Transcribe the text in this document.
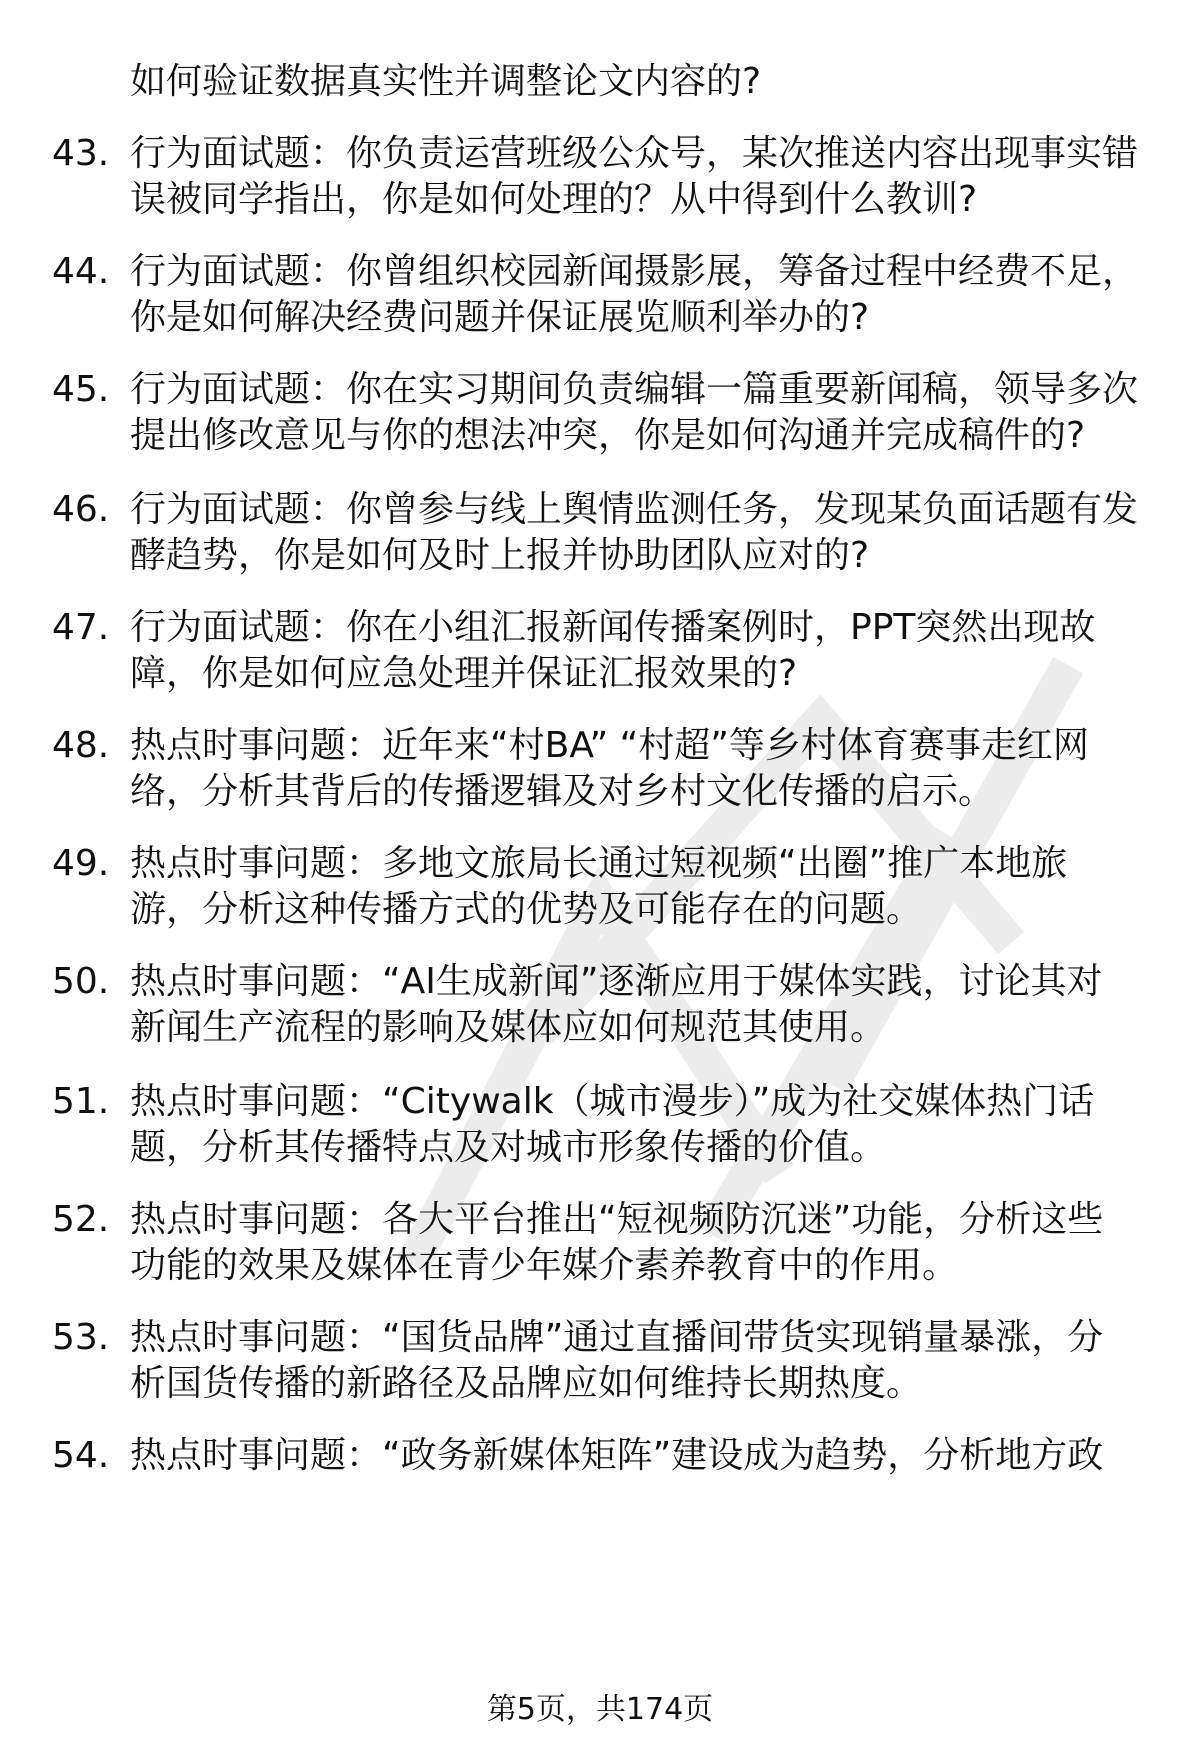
如何验证数据真实性并调整论文内容的?
43. 行为面试题：你负责运营班级公众号，某次推送内容出现事实错
误被同学指出，你是如何处理的？从中得到什么教训?
44. 行为面试题：你曾组织校园新闻摄影展，筹备过程中经费不足，
你是如何解决经费问题并保证展览顺利举办的?
45. 行为面试题：你在实习期间负责编辑一篇重要新闻稿，领导多次
提出修改意见与你的想法冲突，你是如何沟通并完成稿件的?
46. 行为面试题：你曾参与线上舆情监测任务，发现某负面话题有发
酵趋势，你是如何及时上报并协助团队应对的?
47. 行为面试题：你在小组汇报新闻传播案例时，PPT突然出现故
障，你是如何应急处理并保证汇报效果的?
48. 热点时事问题：近年来“村BA” “村超”等乡村体育赛事走红网
络，分析其背后的传播逻辑及对乡村文化传播的启示。
49. 热点时事问题：多地文旅局长通过短视频“出圈”推广本地旅
游，分析这种传播方式的优势及可能存在的问题。
50. 热点时事问题：“AI生成新闻”逐渐应用于媒体实践，讨论其对
新闻生产流程的影响及媒体应如何规范其使用。
51. 热点时事问题：“Citywalk（城市漫步）”成为社交媒体热门话
题，分析其传播特点及对城市形象传播的价值。
52. 热点时事问题：各大平台推出“短视频防沉迷”功能，分析这些
功能的效果及媒体在青少年媒介素养教育中的作用。
53. 热点时事问题：“国货品牌”通过直播间带货实现销量暴涨，分
析国货传播的新路径及品牌应如何维持长期热度。
54. 热点时事问题：“政务新媒体矩阵”建设成为趋势，分析地方政
第5页，共174页
